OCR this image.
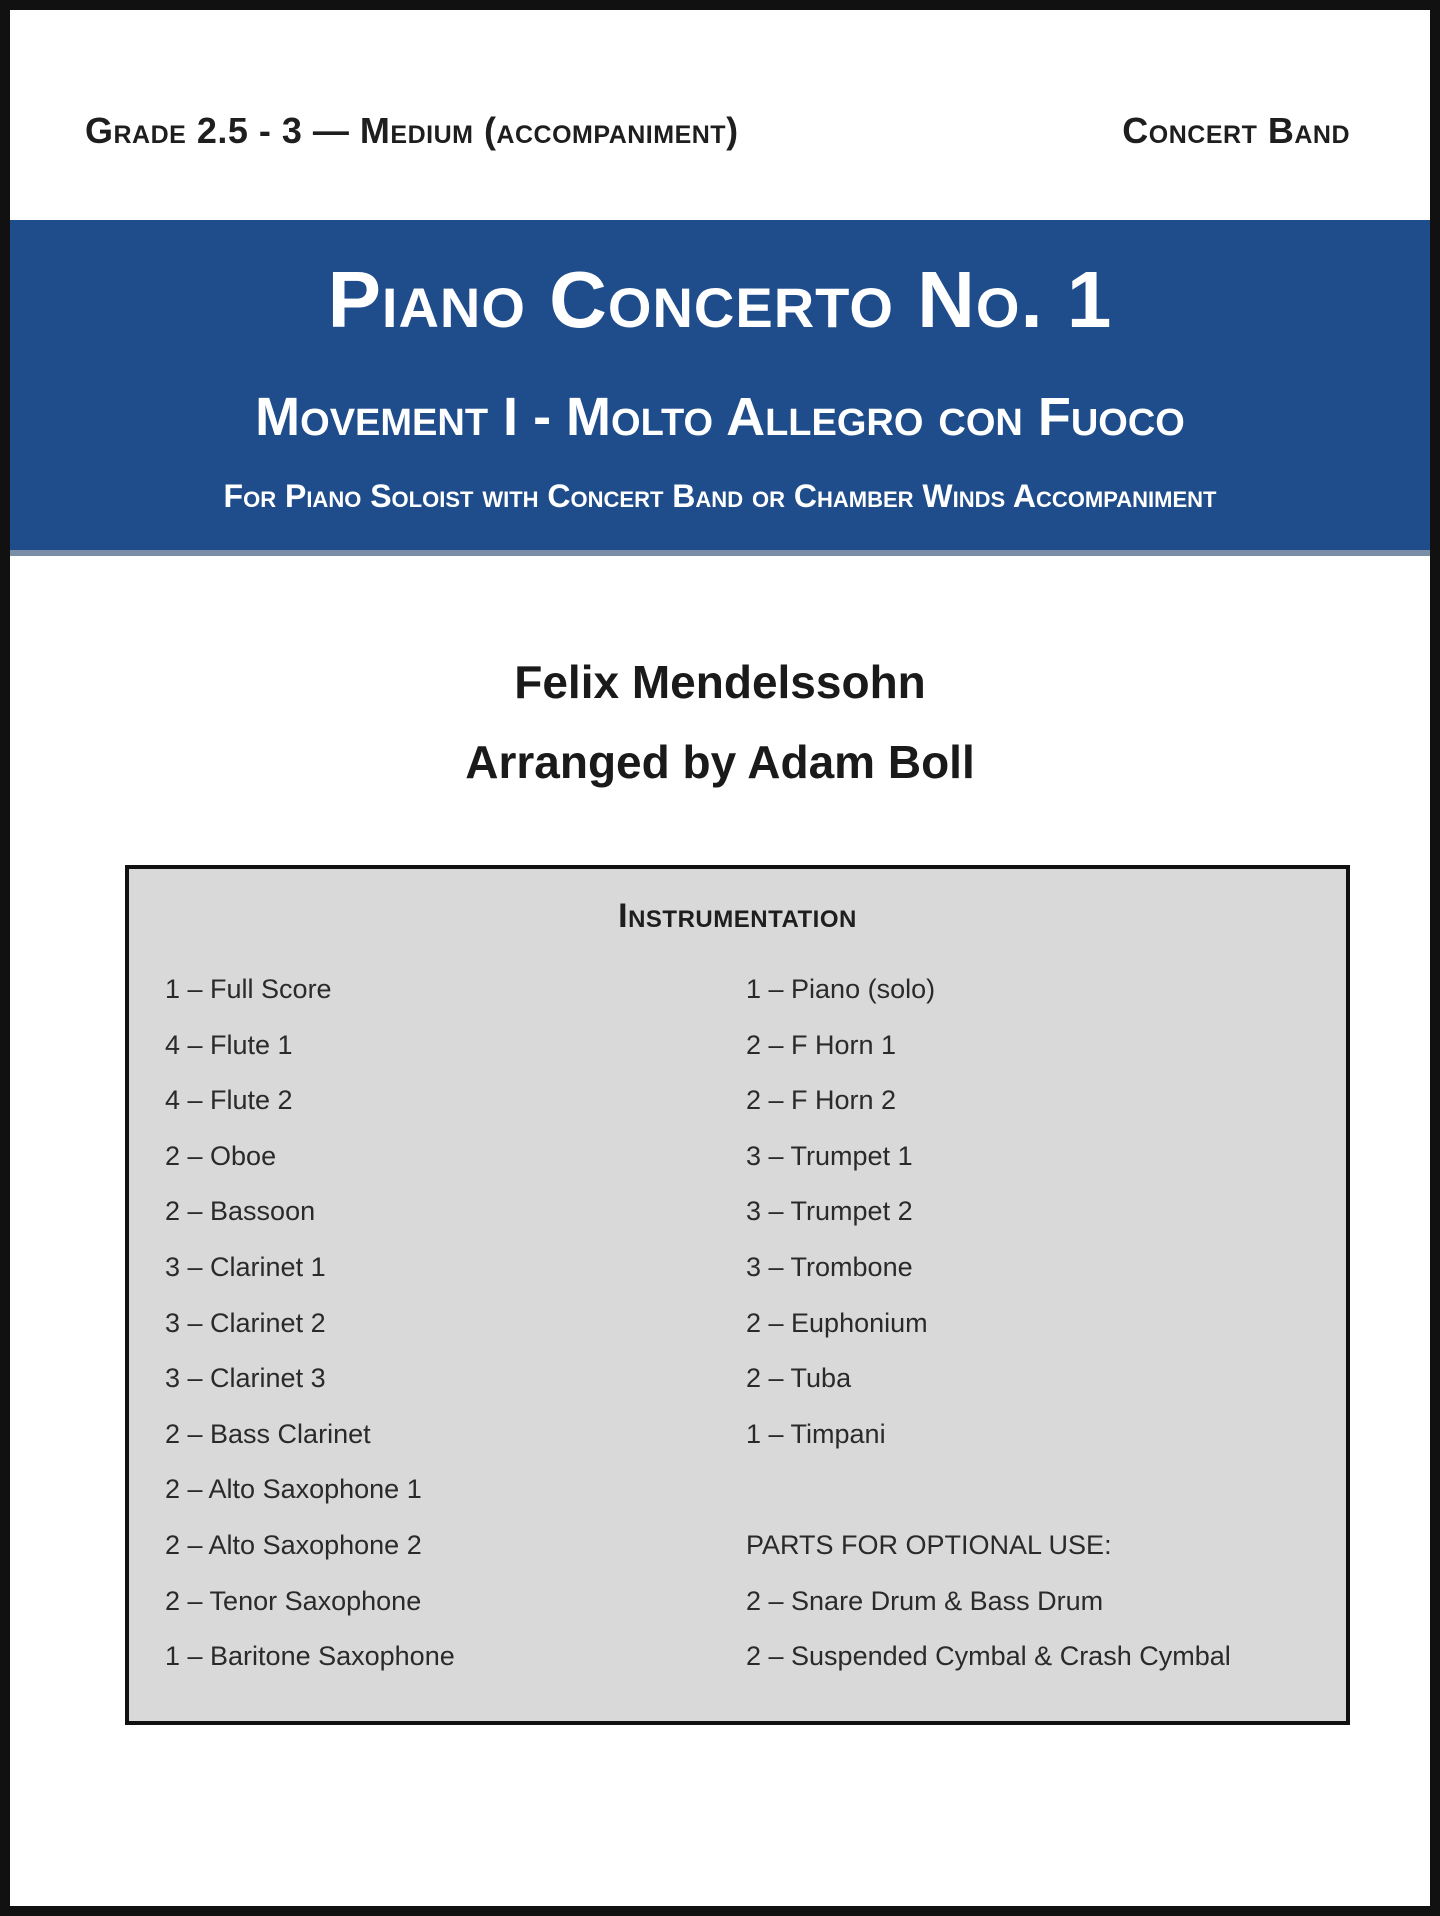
Grade 2.5 - 3 — Medium (accompaniment)	Concert Band
Piano Concerto No. 1
Movement I - Molto Allegro con Fuoco
For Piano Soloist with Concert Band or Chamber Winds Accompaniment
Felix Mendelssohn
Arranged by Adam Boll
Instrumentation
1 – Full Score
4 – Flute 1
4 – Flute 2
2 – Oboe
2 – Bassoon
3 – Clarinet 1
3 – Clarinet 2
3 – Clarinet 3
2 – Bass Clarinet
2 – Alto Saxophone 1
2 – Alto Saxophone 2
2 – Tenor Saxophone
1 – Baritone Saxophone
1 – Piano (solo)
2 – F Horn 1
2 – F Horn 2
3 – Trumpet 1
3 – Trumpet 2
3 – Trombone
2 – Euphonium
2 – Tuba
1 – Timpani
PARTS FOR OPTIONAL USE:
2 – Snare Drum & Bass Drum
2 – Suspended Cymbal & Crash Cymbal
